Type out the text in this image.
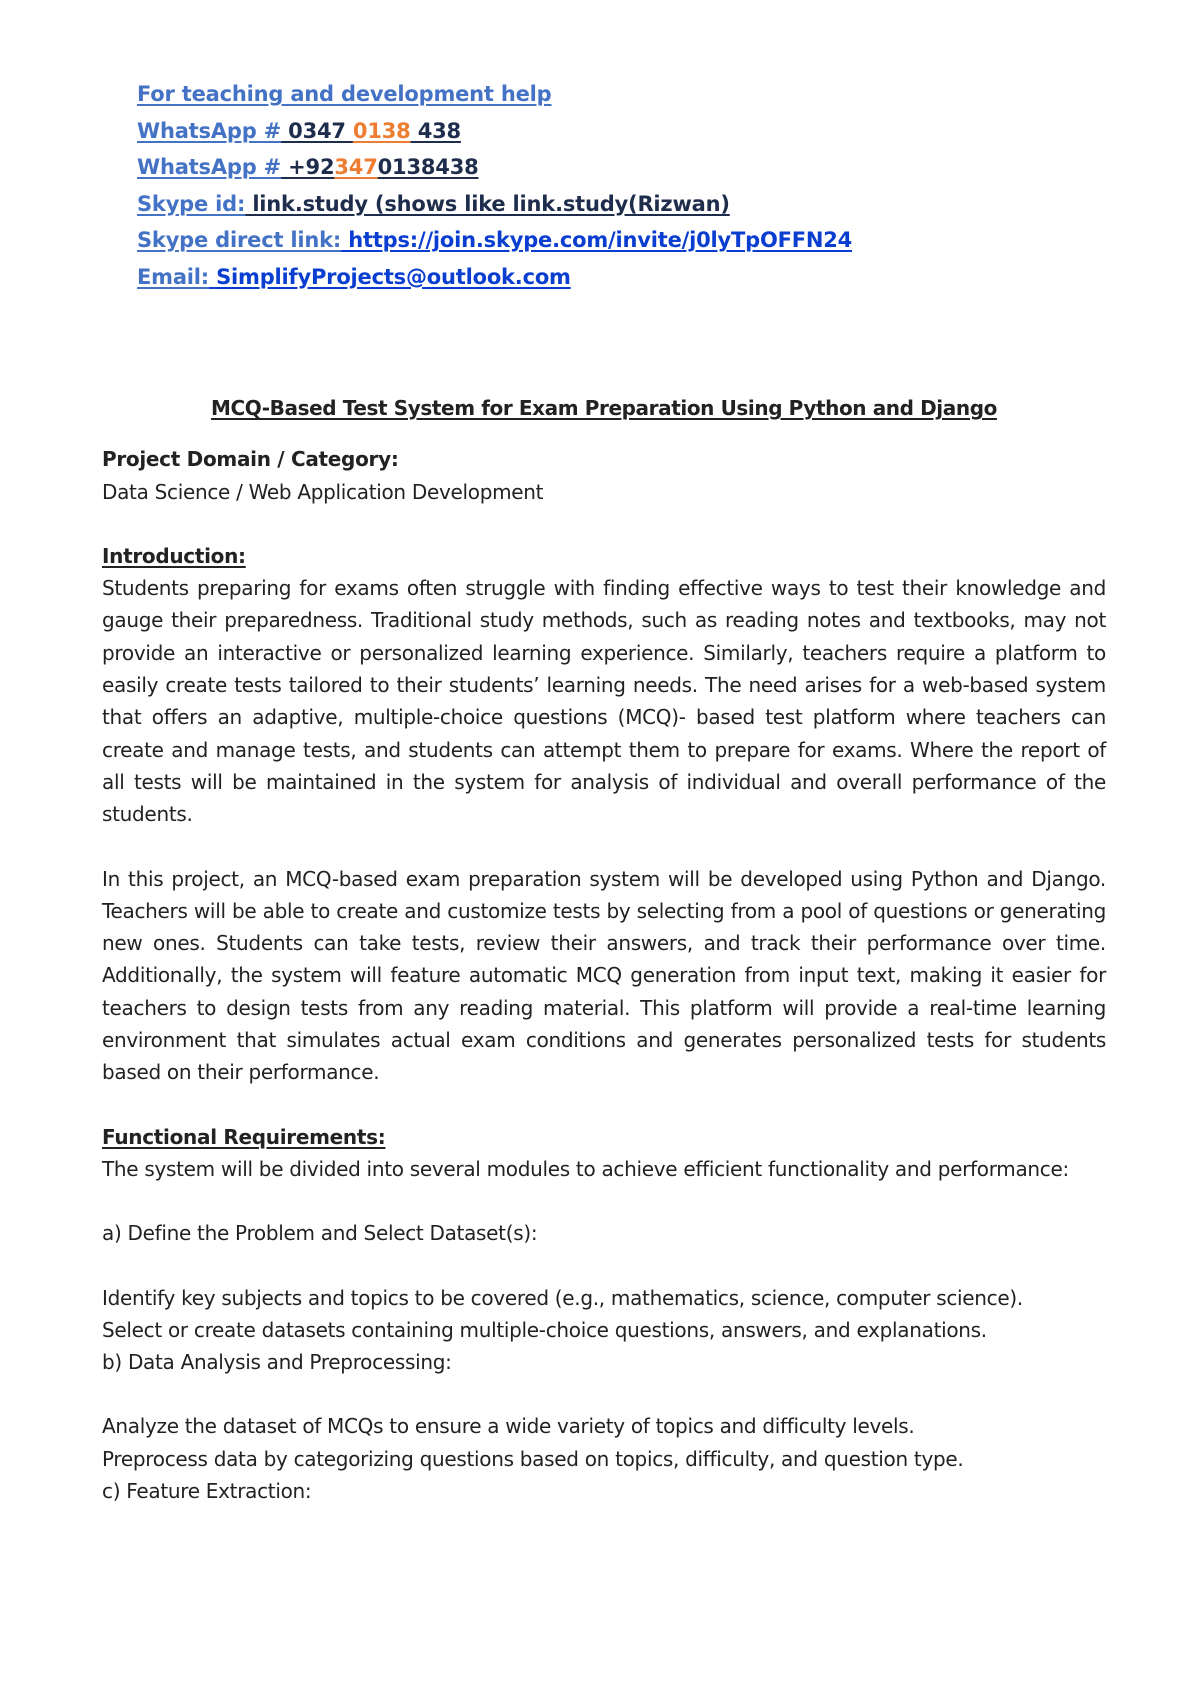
For teaching and development help
WhatsApp # 0347 0138 438
WhatsApp # +923470138438
Skype id: link.study (shows like link.study(Rizwan)
Skype direct link: https://join.skype.com/invite/j0lyTpOFFN24
Email: SimplifyProjects@outlook.com
MCQ-Based Test System for Exam Preparation Using Python and Django
Project Domain / Category:
Data Science / Web Application Development
Introduction:
Students preparing for exams often struggle with finding effective ways to test their knowledge and gauge their preparedness. Traditional study methods, such as reading notes and textbooks, may not provide an interactive or personalized learning experience. Similarly, teachers require a platform to easily create tests tailored to their students’ learning needs. The need arises for a web-based system that offers an adaptive, multiple-choice questions (MCQ)- based test platform where teachers can create and manage tests, and students can attempt them to prepare for exams. Where the report of all tests will be maintained in the system for analysis of individual and overall performance of the students.
In this project, an MCQ-based exam preparation system will be developed using Python and Django. Teachers will be able to create and customize tests by selecting from a pool of questions or generating new ones. Students can take tests, review their answers, and track their performance over time. Additionally, the system will feature automatic MCQ generation from input text, making it easier for teachers to design tests from any reading material. This platform will provide a real-time learning environment that simulates actual exam conditions and generates personalized tests for students based on their performance.
Functional Requirements:
The system will be divided into several modules to achieve efficient functionality and performance:
a) Define the Problem and Select Dataset(s):
Identify key subjects and topics to be covered (e.g., mathematics, science, computer science).
Select or create datasets containing multiple-choice questions, answers, and explanations.
b) Data Analysis and Preprocessing:
Analyze the dataset of MCQs to ensure a wide variety of topics and difficulty levels.
Preprocess data by categorizing questions based on topics, difficulty, and question type.
c) Feature Extraction:
